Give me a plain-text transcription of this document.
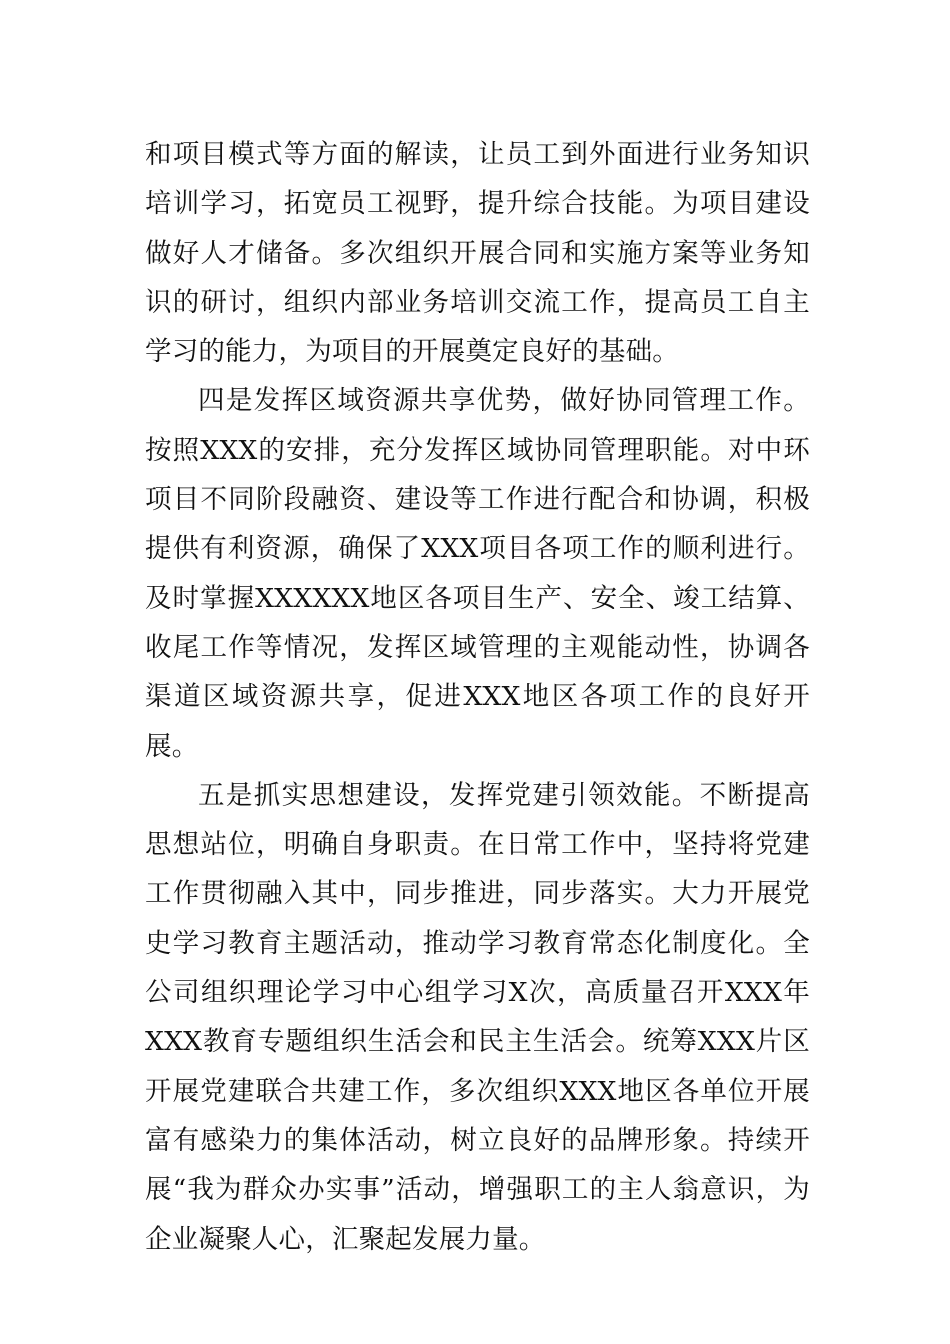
和项目模式等方面的解读，让员工到外面进行业务知识培训学习，拓宽员工视野，提升综合技能。为项目建设做好人才储备。多次组织开展合同和实施方案等业务知识的研讨，组织内部业务培训交流工作，提高员工自主学习的能力，为项目的开展奠定良好的基础。

四是发挥区域资源共享优势，做好协同管理工作。按照XXX的安排，充分发挥区域协同管理职能。对中环项目不同阶段融资、建设等工作进行配合和协调，积极提供有利资源，确保了XXX项目各项工作的顺利进行。及时掌握XXXXXX地区各项目生产、安全、竣工结算、收尾工作等情况，发挥区域管理的主观能动性，协调各渠道区域资源共享，促进XXX地区各项工作的良好开展。

五是抓实思想建设，发挥党建引领效能。不断提高思想站位，明确自身职责。在日常工作中，坚持将党建工作贯彻融入其中，同步推进，同步落实。大力开展党史学习教育主题活动，推动学习教育常态化制度化。全公司组织理论学习中心组学习X次，高质量召开XXX年XXX教育专题组织生活会和民主生活会。统筹XXX片区开展党建联合共建工作，多次组织XXX地区各单位开展富有感染力的集体活动，树立良好的品牌形象。持续开展“我为群众办实事”活动，增强职工的主人翁意识，为企业凝聚人心，汇聚起发展力量。
